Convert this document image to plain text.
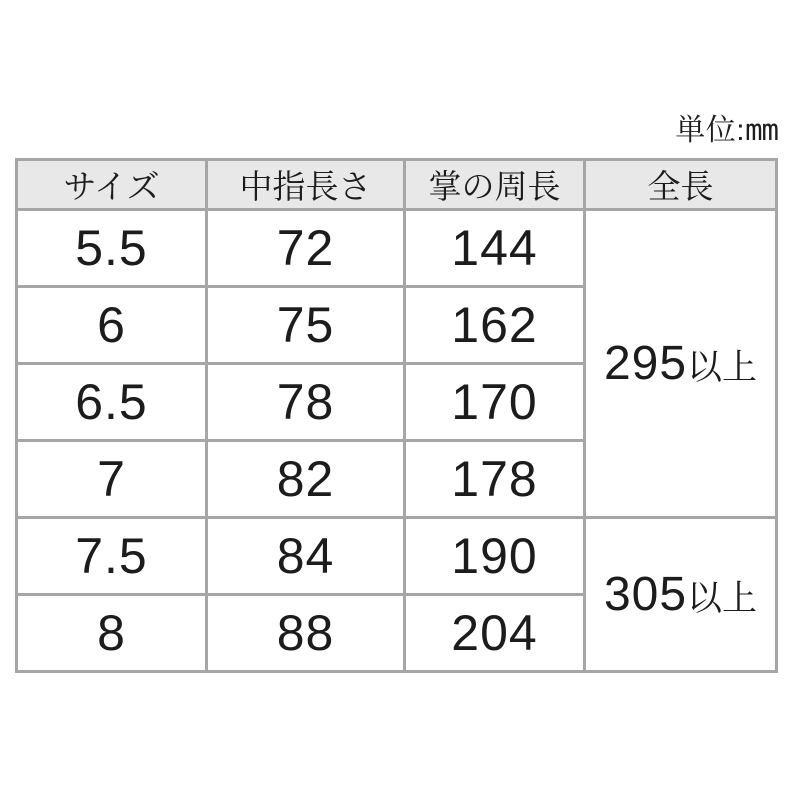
単位:mm
サイズ	中指長さ	掌の周長	全長
5.5	72	144	295以上
6	75	162	
6.5	78	170	
7	82	178	
7.5	84	190	305以上
8	88	204	
